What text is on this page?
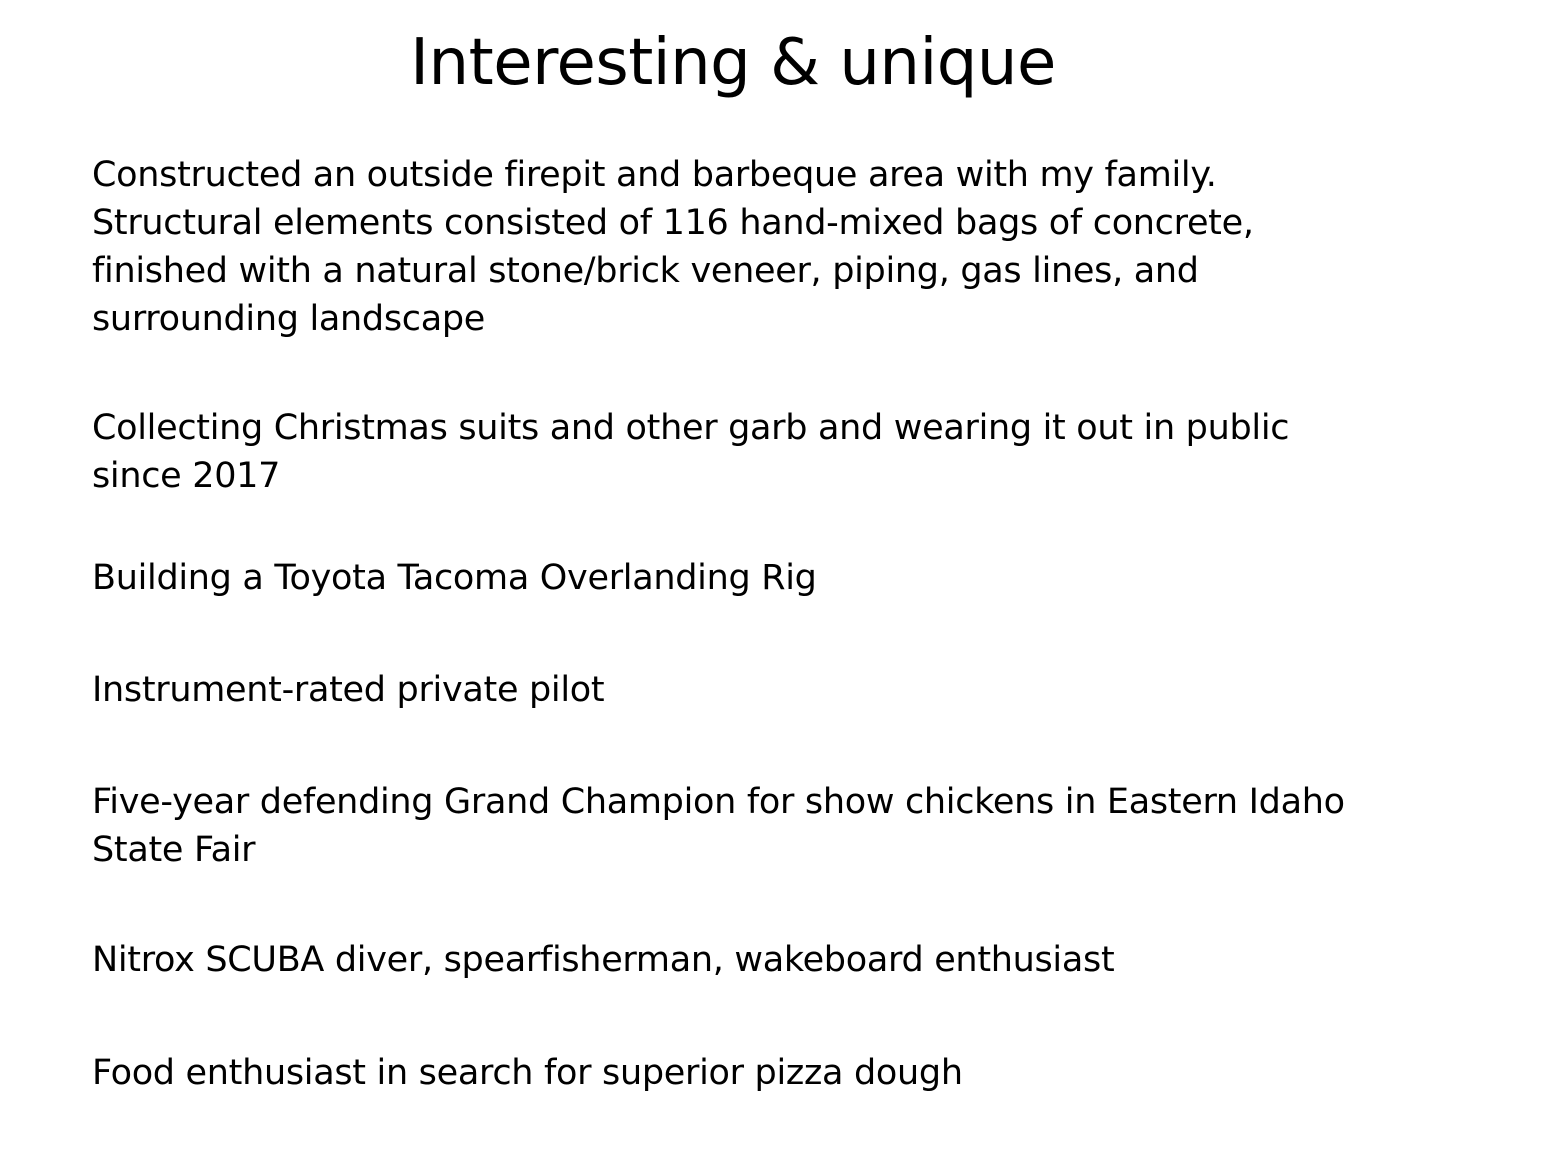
Interesting & unique
Constructed an outside firepit and barbeque area with my family.
Structural elements consisted of 116 hand-mixed bags of concrete,
finished with a natural stone/brick veneer, piping, gas lines, and
surrounding landscape
Collecting Christmas suits and other garb and wearing it out in public
since 2017
Building a Toyota Tacoma Overlanding Rig
Instrument-rated private pilot
Five-year defending Grand Champion for show chickens in Eastern Idaho
State Fair
Nitrox SCUBA diver, spearfisherman, wakeboard enthusiast
Food enthusiast in search for superior pizza dough
